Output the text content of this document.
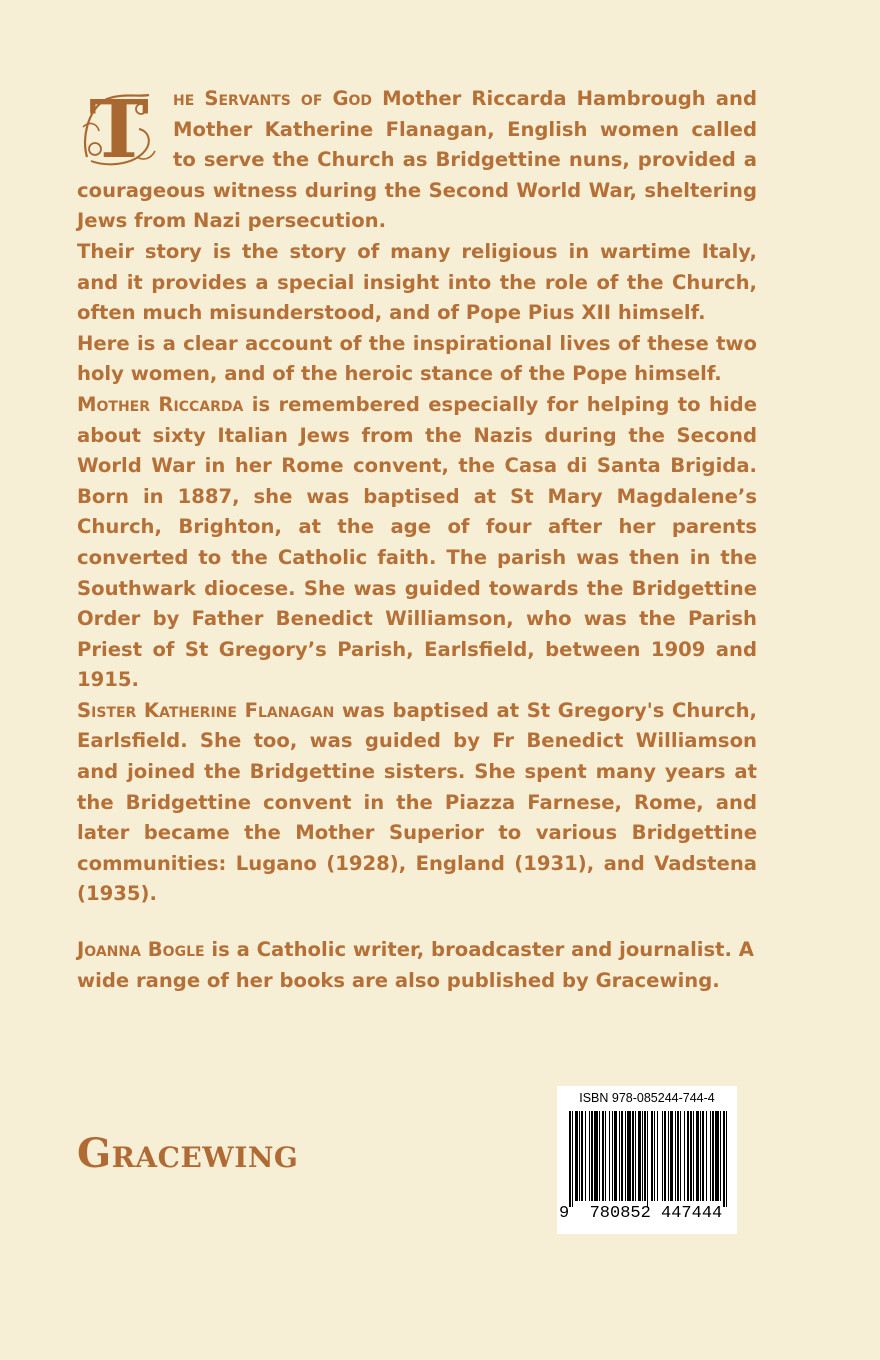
T	he Servants of God Mother Riccarda Hambrough and Mother Katherine Flanagan, English women called to serve the Church as Bridgettine nuns, provided a courageous witness during the Second World War, sheltering Jews from Nazi persecution.

Their story is the story of many religious in wartime Italy, and it provides a special insight into the role of the Church, often much misunderstood, and of Pope Pius XII himself.

Here is a clear account of the inspirational lives of these two holy women, and of the heroic stance of the Pope himself.

Mother Riccarda is remembered especially for helping to hide about sixty Italian Jews from the Nazis during the Second World War in her Rome convent, the Casa di Santa Brigida. Born in 1887, she was baptised at St Mary Magdalene’s Church, Brighton, at the age of four after her parents converted to the Catholic faith. The parish was then in the Southwark diocese. She was guided towards the Bridgettine Order by Father Benedict Williamson, who was the Parish Priest of St Gregory’s Parish, Earlsfield, between 1909 and 1915.

Sister Katherine Flanagan was baptised at St Gregory's Church, Earlsfield. She too, was guided by Fr Benedict Williamson and joined the Bridgettine sisters. She spent many years at the Bridgettine convent in the Piazza Farnese, Rome, and later became the Mother Superior to various Bridgettine communities: Lugano (1928), England (1931), and Vadstena (1935).

Joanna Bogle is a Catholic writer, broadcaster and journalist. A wide range of her books are also published by Gracewing.

Gracewing
ISBN 978-085244-744-4
9 780852 447444
